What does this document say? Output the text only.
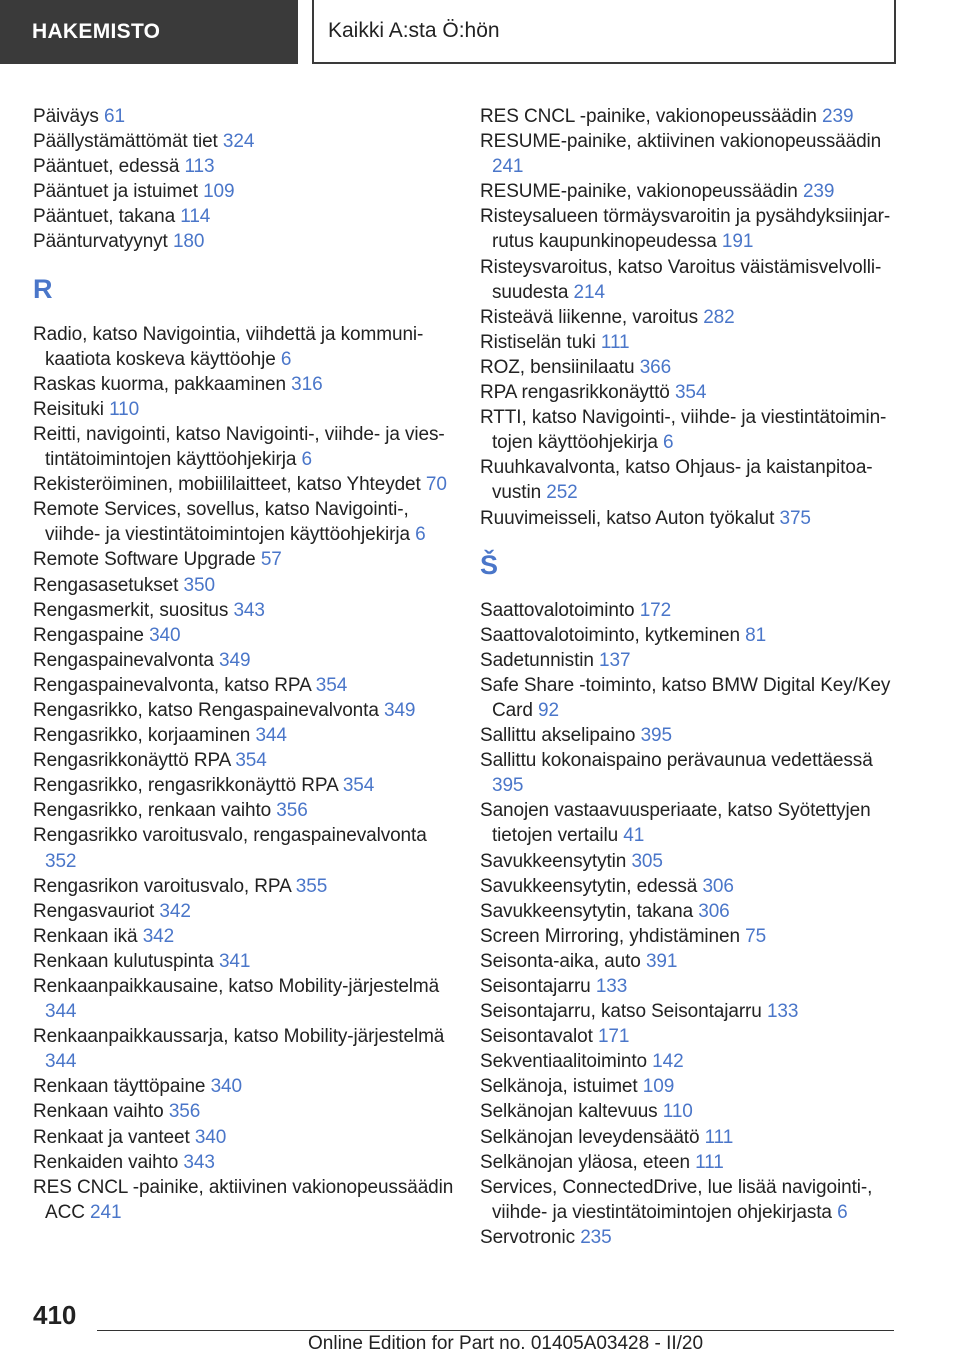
HAKEMISTO	Kaikki A:sta Ö:hön
Päiväys 61
Päällystämättömät tiet 324
Pääntuet, edessä 113
Pääntuet ja istuimet 109
Pääntuet, takana 114
Päänturvatyynyt 180
R
Radio, katso Navigointia, viihdettä ja kommunikaatiota koskeva käyttöohje 6
Raskas kuorma, pakkaaminen 316
Reisituki 110
Reitti, navigointi, katso Navigointi-, viihde- ja viestintätoimintojen käyttöohjekirja 6
Rekisteröiminen, mobiililaitteet, katso Yhteydet 70
Remote Services, sovellus, katso Navigointi-, viihde- ja viestintätoimintojen käyttöohjekirja 6
Remote Software Upgrade 57
Rengasasetukset 350
Rengasmerkit, suositus 343
Rengaspaine 340
Rengaspainevalvonta 349
Rengaspainevalvonta, katso RPA 354
Rengasrikko, katso Rengaspainevalvonta 349
Rengasrikko, korjaaminen 344
Rengasrikkonäyttö RPA 354
Rengasrikko, rengasrikkonäyttö RPA 354
Rengasrikko, renkaan vaihto 356
Rengasrikko varoitusvalo, rengaspainevalvonta 352
Rengasrikon varoitusvalo, RPA 355
Rengasvauriot 342
Renkaan ikä 342
Renkaan kulutuspinta 341
Renkaanpaikkausaine, katso Mobility-järjestelmä 344
Renkaanpaikkaussarja, katso Mobility-järjestelmä 344
Renkaan täyttöpaine 340
Renkaan vaihto 356
Renkaat ja vanteet 340
Renkaiden vaihto 343
RES CNCL -painike, aktiivinen vakionopeussäädin ACC 241
RES CNCL -painike, vakionopeussäädin 239
RESUME-painike, aktiivinen vakionopeussäädin 241
RESUME-painike, vakionopeussäädin 239
Risteysalueen törmäysvaroitin ja pysähdyksiinjarrutus kaupunkinopeudessa 191
Risteysvaroitus, katso Varoitus väistämisvelvollisuudesta 214
Risteävä liikenne, varoitus 282
Ristiselän tuki 111
ROZ, bensiinilaatu 366
RPA rengasrikkonäyttö 354
RTTI, katso Navigointi-, viihde- ja viestintätoimintojen käyttöohjekirja 6
Ruuhkavalvonta, katso Ohjaus- ja kaistanpitoavustin 252
Ruuvimeisseli, katso Auton työkalut 375
Š
Saattovalotoiminto 172
Saattovalotoiminto, kytkeminen 81
Sadetunnistin 137
Safe Share -toiminto, katso BMW Digital Key/Key Card 92
Sallittu akselipaino 395
Sallittu kokonaispaino perävaunua vedettäessä 395
Sanojen vastaavuusperiaate, katso Syötettyjen tietojen vertailu 41
Savukkeensytytin 305
Savukkeensytytin, edessä 306
Savukkeensytytin, takana 306
Screen Mirroring, yhdistäminen 75
Seisonta-aika, auto 391
Seisontajarru 133
Seisontajarru, katso Seisontajarru 133
Seisontavalot 171
Sekventiaalitoiminto 142
Selkänoja, istuimet 109
Selkänojan kaltevuus 110
Selkänojan leveydensäätö 111
Selkänojan yläosa, eteen 111
Services, ConnectedDrive, lue lisää navigointi-, viihde- ja viestintätoimintojen ohjekirjasta 6
Servotronic 235
410
Online Edition for Part no. 01405A03428 - II/20
